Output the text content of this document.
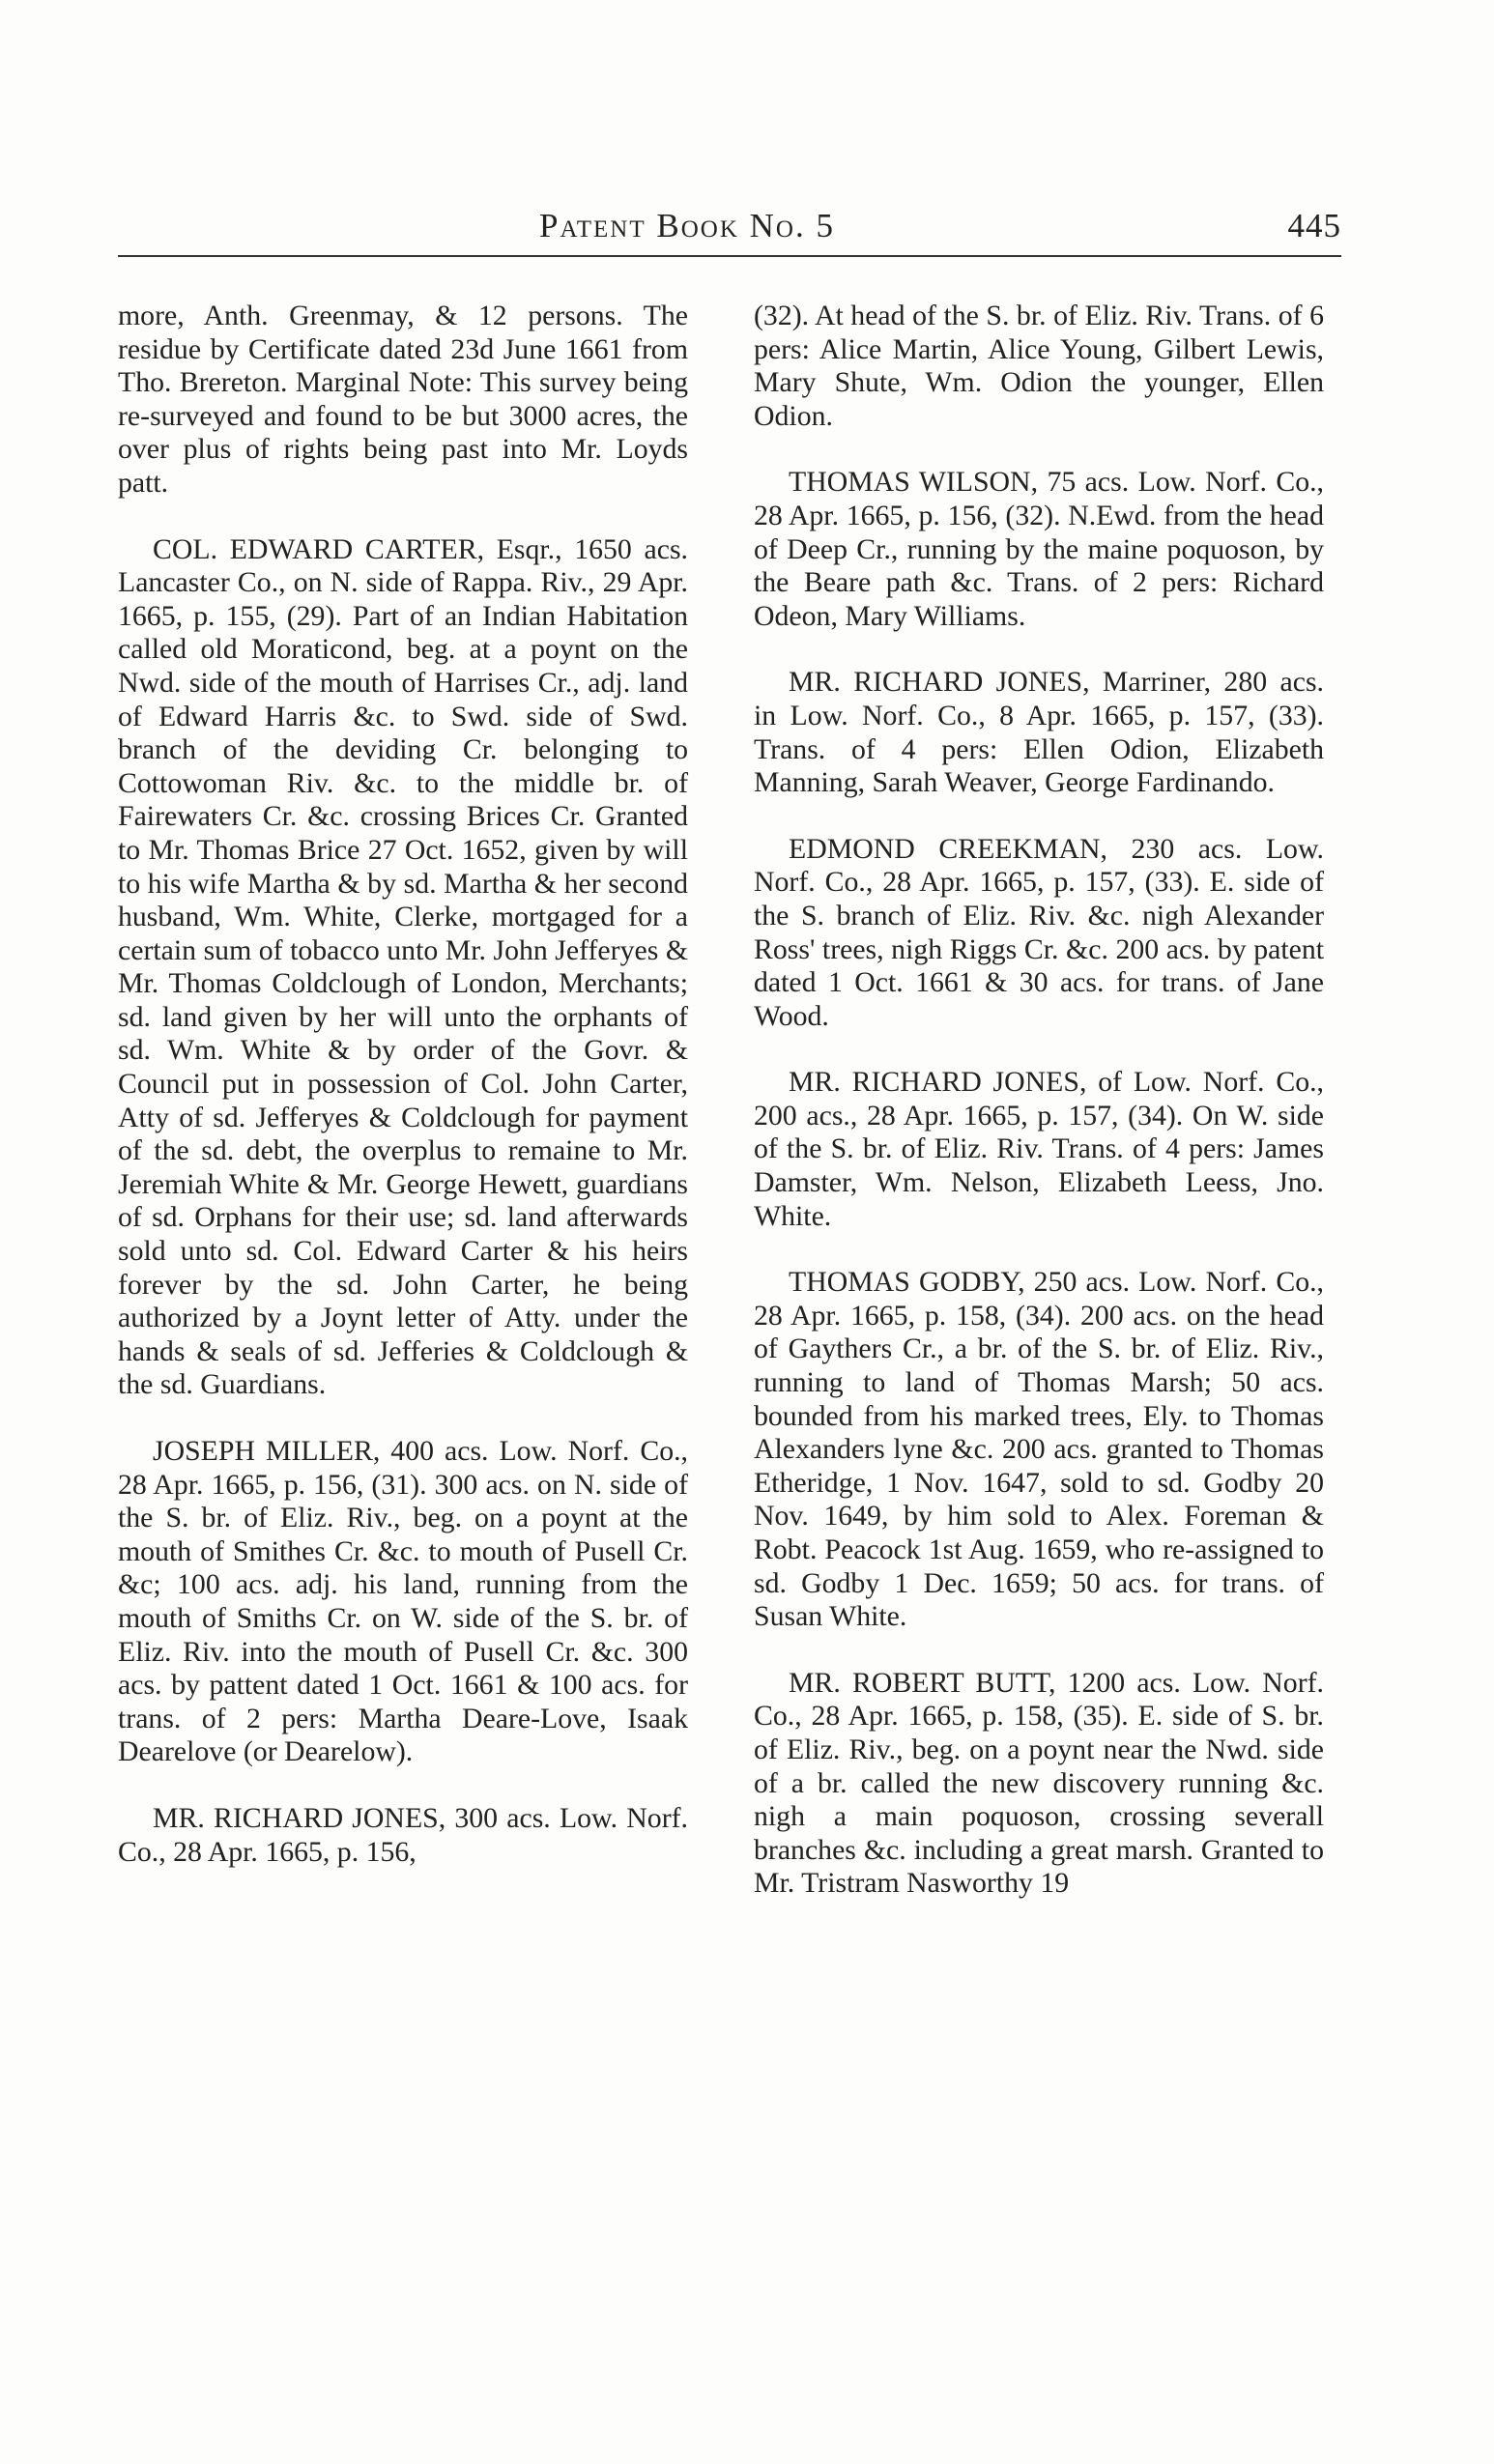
Patent Book No. 5	445

more, Anth. Greenmay, & 12 persons. The residue by Certificate dated 23d June 1661 from Tho. Brereton. Marginal Note: This survey being re-surveyed and found to be but 3000 acres, the over plus of rights being past into Mr. Loyds patt.

COL. EDWARD CARTER, Esqr., 1650 acs. Lancaster Co., on N. side of Rappa. Riv., 29 Apr. 1665, p. 155, (29). Part of an Indian Habitation called old Moraticond, beg. at a poynt on the Nwd. side of the mouth of Harrises Cr., adj. land of Edward Harris &c. to Swd. side of Swd. branch of the deviding Cr. belonging to Cottowoman Riv. &c. to the middle br. of Fairewaters Cr. &c. crossing Brices Cr. Granted to Mr. Thomas Brice 27 Oct. 1652, given by will to his wife Martha & by sd. Martha & her second husband, Wm. White, Clerke, mortgaged for a certain sum of tobacco unto Mr. John Jefferyes & Mr. Thomas Coldclough of London, Merchants; sd. land given by her will unto the orphants of sd. Wm. White & by order of the Govr. & Council put in possession of Col. John Carter, Atty of sd. Jefferyes & Coldclough for payment of the sd. debt, the overplus to remaine to Mr. Jeremiah White & Mr. George Hewett, guardians of sd. Orphans for their use; sd. land afterwards sold unto sd. Col. Edward Carter & his heirs forever by the sd. John Carter, he being authorized by a Joynt letter of Atty. under the hands & seals of sd. Jefferies & Coldclough & the sd. Guardians.

JOSEPH MILLER, 400 acs. Low. Norf. Co., 28 Apr. 1665, p. 156, (31). 300 acs. on N. side of the S. br. of Eliz. Riv., beg. on a poynt at the mouth of Smithes Cr. &c. to mouth of Pusell Cr. &c; 100 acs. adj. his land, running from the mouth of Smiths Cr. on W. side of the S. br. of Eliz. Riv. into the mouth of Pusell Cr. &c. 300 acs. by pattent dated 1 Oct. 1661 & 100 acs. for trans. of 2 pers: Martha Deare-Love, Isaak Dearelove (or Dearelow).

MR. RICHARD JONES, 300 acs. Low. Norf. Co., 28 Apr. 1665, p. 156,

(32). At head of the S. br. of Eliz. Riv. Trans. of 6 pers: Alice Martin, Alice Young, Gilbert Lewis, Mary Shute, Wm. Odion the younger, Ellen Odion.

THOMAS WILSON, 75 acs. Low. Norf. Co., 28 Apr. 1665, p. 156, (32). N.Ewd. from the head of Deep Cr., running by the maine poquoson, by the Beare path &c. Trans. of 2 pers: Richard Odeon, Mary Williams.

MR. RICHARD JONES, Marriner, 280 acs. in Low. Norf. Co., 8 Apr. 1665, p. 157, (33). Trans. of 4 pers: Ellen Odion, Elizabeth Manning, Sarah Weaver, George Fardinando.

EDMOND CREEKMAN, 230 acs. Low. Norf. Co., 28 Apr. 1665, p. 157, (33). E. side of the S. branch of Eliz. Riv. &c. nigh Alexander Ross' trees, nigh Riggs Cr. &c. 200 acs. by patent dated 1 Oct. 1661 & 30 acs. for trans. of Jane Wood.

MR. RICHARD JONES, of Low. Norf. Co., 200 acs., 28 Apr. 1665, p. 157, (34). On W. side of the S. br. of Eliz. Riv. Trans. of 4 pers: James Damster, Wm. Nelson, Elizabeth Leess, Jno. White.

THOMAS GODBY, 250 acs. Low. Norf. Co., 28 Apr. 1665, p. 158, (34). 200 acs. on the head of Gaythers Cr., a br. of the S. br. of Eliz. Riv., running to land of Thomas Marsh; 50 acs. bounded from his marked trees, Ely. to Thomas Alexanders lyne &c. 200 acs. granted to Thomas Etheridge, 1 Nov. 1647, sold to sd. Godby 20 Nov. 1649, by him sold to Alex. Foreman & Robt. Peacock 1st Aug. 1659, who re-assigned to sd. Godby 1 Dec. 1659; 50 acs. for trans. of Susan White.

MR. ROBERT BUTT, 1200 acs. Low. Norf. Co., 28 Apr. 1665, p. 158, (35). E. side of S. br. of Eliz. Riv., beg. on a poynt near the Nwd. side of a br. called the new discovery running &c. nigh a main poquoson, crossing severall branches &c. including a great marsh. Granted to Mr. Tristram Nasworthy 19
